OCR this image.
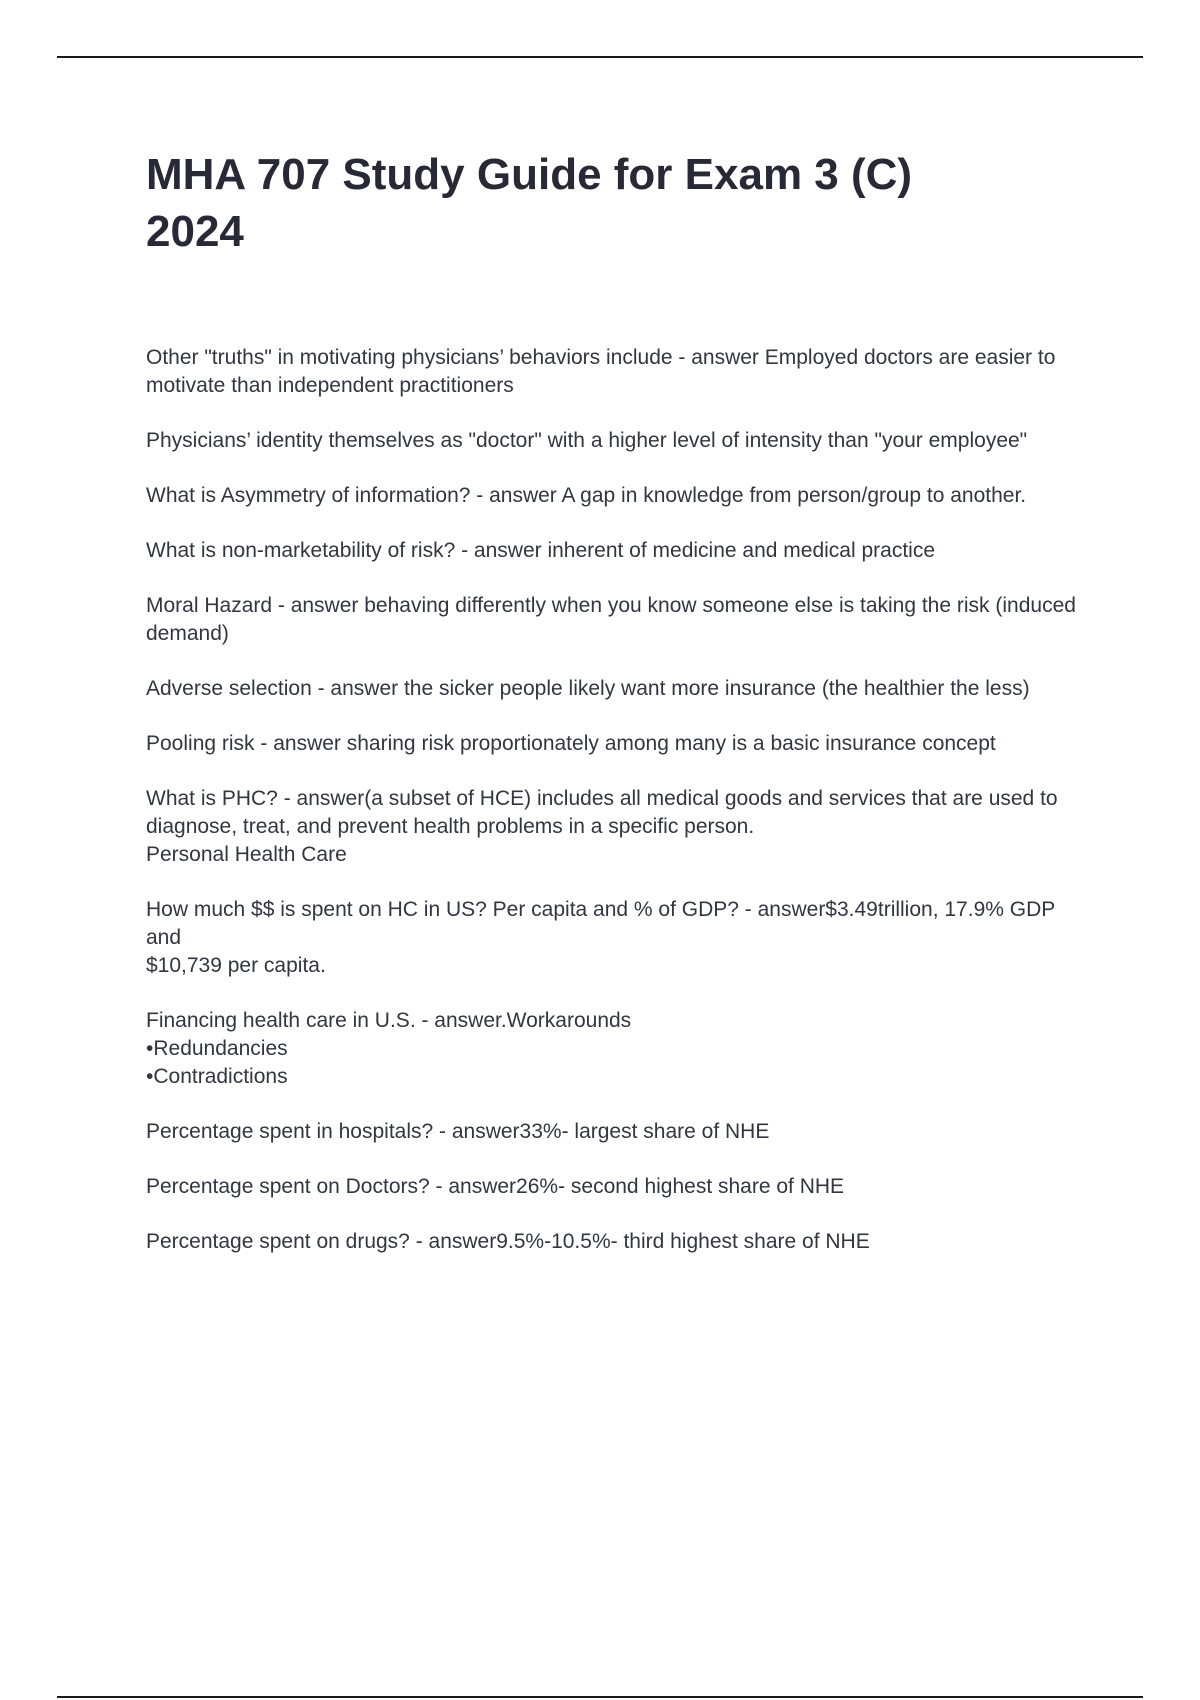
MHA 707 Study Guide for Exam 3 (C)
2024

Other "truths" in motivating physicians’ behaviors include - answer Employed doctors are easier to motivate than independent practitioners

Physicians’ identity themselves as "doctor" with a higher level of intensity than "your employee"

What is Asymmetry of information? - answer A gap in knowledge from person/group to another.

What is non-marketability of risk? - answer inherent of medicine and medical practice

Moral Hazard - answer behaving differently when you know someone else is taking the risk (induced demand)

Adverse selection - answer the sicker people likely want more insurance (the healthier the less)

Pooling risk - answer sharing risk proportionately among many is a basic insurance concept

What is PHC? - answer(a subset of HCE) includes all medical goods and services that are used to diagnose, treat, and prevent health problems in a specific person.
Personal Health Care

How much $$ is spent on HC in US? Per capita and % of GDP? - answer$3.49trillion, 17.9% GDP and
$10,739 per capita.

Financing health care in U.S. - answer.Workarounds
•Redundancies
•Contradictions

Percentage spent in hospitals? - answer33%- largest share of NHE

Percentage spent on Doctors? - answer26%- second highest share of NHE

Percentage spent on drugs? - answer9.5%-10.5%- third highest share of NHE
